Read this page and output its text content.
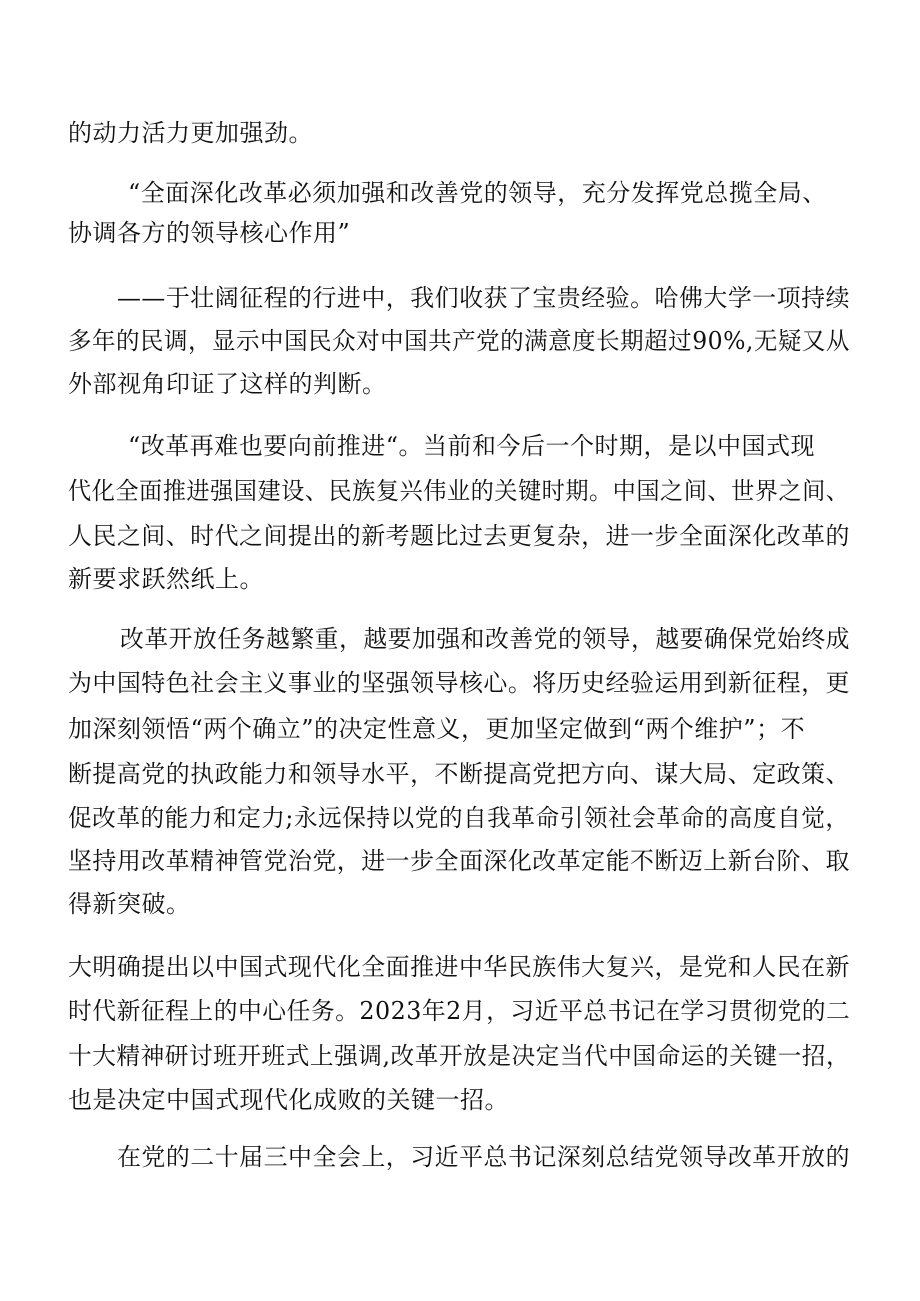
的动力活力更加强劲。
“全面深化改革必须加强和改善党的领导，充分发挥党总揽全局、
协调各方的领导核心作用”
——于壮阔征程的行进中，我们收获了宝贵经验。哈佛大学一项持续
多年的民调，显示中国民众对中国共产党的满意度长期超过90%,无疑又从
外部视角印证了这样的判断。
“改革再难也要向前推进“。当前和今后一个时期，是以中国式现
代化全面推进强国建设、民族复兴伟业的关键时期。中国之间、世界之间、
人民之间、时代之间提出的新考题比过去更复杂，进一步全面深化改革的
新要求跃然纸上。
改革开放任务越繁重，越要加强和改善党的领导，越要确保党始终成
为中国特色社会主义事业的坚强领导核心。将历史经验运用到新征程，更
加深刻领悟“两个确立”的决定性意义，更加坚定做到“两个维护”；不
断提高党的执政能力和领导水平，不断提高党把方向、谋大局、定政策、
促改革的能力和定力;永远保持以党的自我革命引领社会革命的高度自觉，
坚持用改革精神管党治党，进一步全面深化改革定能不断迈上新台阶、取
得新突破。
大明确提出以中国式现代化全面推进中华民族伟大复兴，是党和人民在新
时代新征程上的中心任务。2023年2月，习近平总书记在学习贯彻党的二
十大精神研讨班开班式上强调,改革开放是决定当代中国命运的关键一招，
也是决定中国式现代化成败的关键一招。
在党的二十届三中全会上，习近平总书记深刻总结党领导改革开放的
